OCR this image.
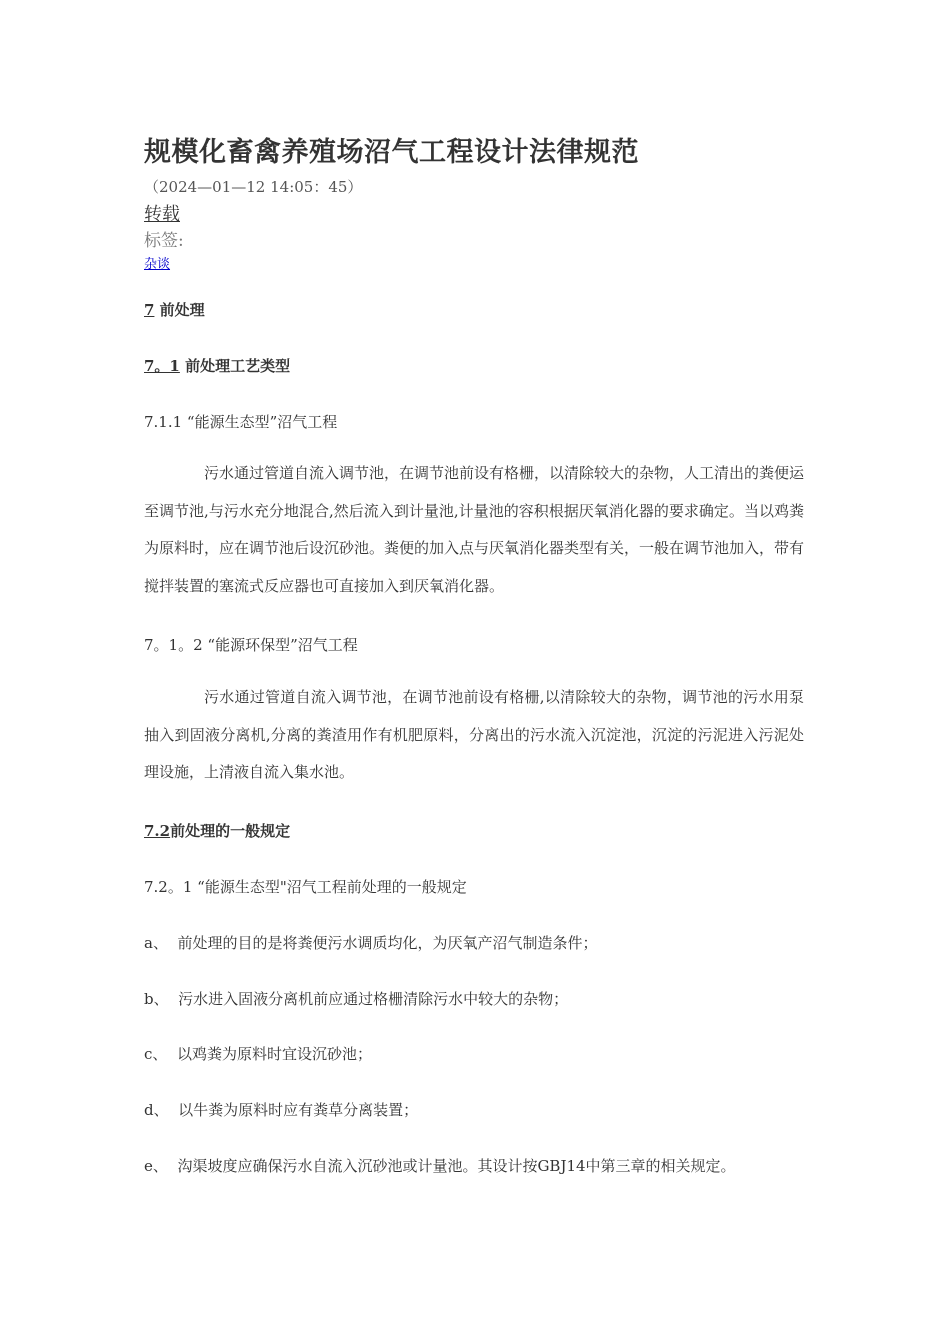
规模化畜禽养殖场沼气工程设计法律规范
（2024—01—12 14:05：45）
转载
标签:
杂谈
7 前处理
7。1 前处理工艺类型
7.1.1 “能源生态型”沼气工程

污水通过管道自流入调节池，在调节池前设有格栅，以清除较大的杂物，人工清出的粪便运至调节池,与污水充分地混合,然后流入到计量池,计量池的容积根据厌氧消化器的要求确定。当以鸡粪为原料时，应在调节池后设沉砂池。粪便的加入点与厌氧消化器类型有关，一般在调节池加入，带有搅拌装置的塞流式反应器也可直接加入到厌氧消化器。

7。1。2 “能源环保型”沼气工程

污水通过管道自流入调节池，在调节池前设有格栅,以清除较大的杂物，调节池的污水用泵抽入到固液分离机,分离的粪渣用作有机肥原料，分离出的污水流入沉淀池，沉淀的污泥进入污泥处理设施，上清液自流入集水池。

7.2前处理的一般规定
7.2。1 “能源生态型"沼气工程前处理的一般规定
a、 前处理的目的是将粪便污水调质均化，为厌氧产沼气制造条件；
b、 污水进入固液分离机前应通过格栅清除污水中较大的杂物；
c、 以鸡粪为原料时宜设沉砂池；
d、 以牛粪为原料时应有粪草分离装置；
e、 沟渠坡度应确保污水自流入沉砂池或计量池。其设计按GBJ14中第三章的相关规定。
